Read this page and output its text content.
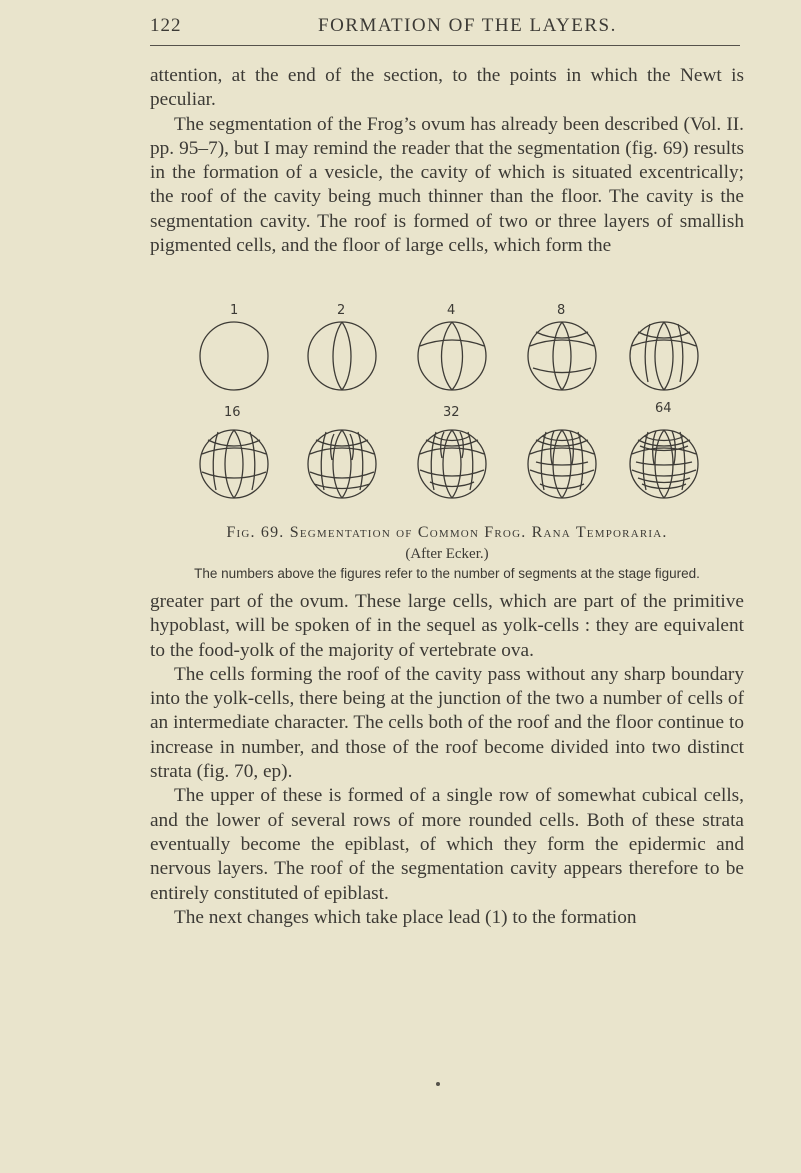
122	FORMATION OF THE LAYERS.

attention, at the end of the section, to the points in which the Newt is peculiar.

The segmentation of the Frog’s ovum has already been described (Vol. II. pp. 95–7), but I may remind the reader that the segmentation (fig. 69) results in the formation of a vesicle, the cavity of which is situated excentrically; the roof of the cavity being much thinner than the floor. The cavity is the segmentation cavity. The roof is formed of two or three layers of smallish pigmented cells, and the floor of large cells, which form the

1	2	4	8
16	32	64
Fig. 69. Segmentation of Common Frog. Rana Temporaria.
(After Ecker.)
The numbers above the figures refer to the number of segments at the stage figured.

greater part of the ovum. These large cells, which are part of the primitive hypoblast, will be spoken of in the sequel as yolk-cells : they are equivalent to the food-yolk of the majority of vertebrate ova.

The cells forming the roof of the cavity pass without any sharp boundary into the yolk-cells, there being at the junction of the two a number of cells of an intermediate character. The cells both of the roof and the floor continue to increase in number, and those of the roof become divided into two distinct strata (fig. 70, ep).

The upper of these is formed of a single row of somewhat cubical cells, and the lower of several rows of more rounded cells. Both of these strata eventually become the epiblast, of which they form the epidermic and nervous layers. The roof of the segmentation cavity appears therefore to be entirely constituted of epiblast.

The next changes which take place lead (1) to the formation
